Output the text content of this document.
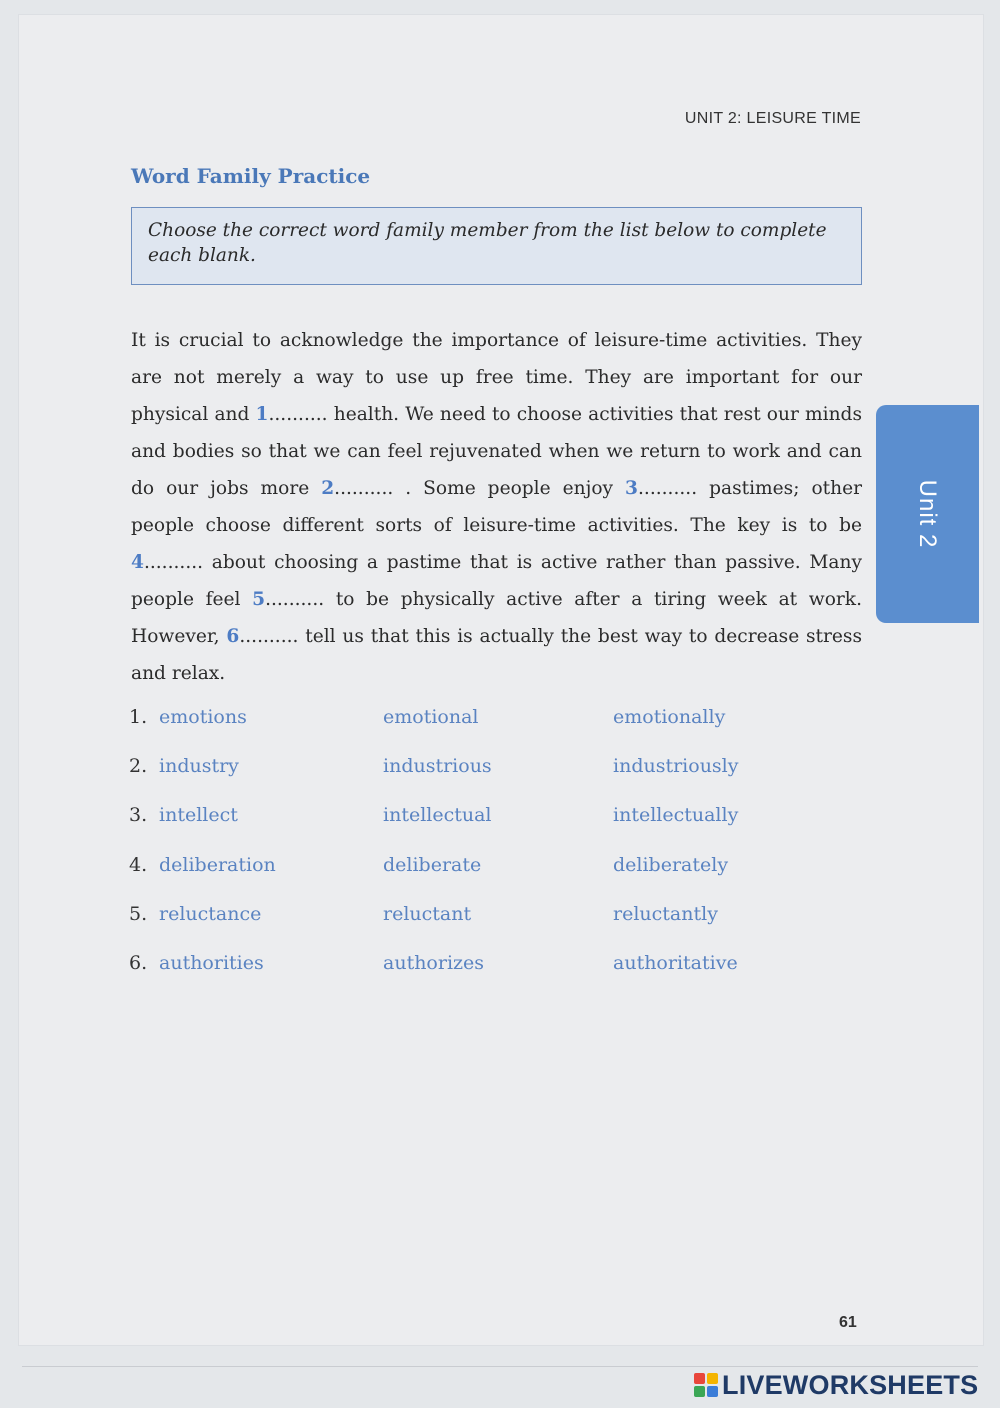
UNIT 2: LEISURE TIME
Word Family Practice

Choose the correct word family member from the list below to complete each blank.

It is crucial to acknowledge the importance of leisure-time activities. They are not merely a way to use up free time. They are important for our physical and 1.......... health. We need to choose activities that rest our minds and bodies so that we can feel rejuvenated when we return to work and can do our jobs more 2.......... . Some people enjoy 3.......... pastimes; other people choose different sorts of leisure-time activities. The key is to be 4.......... about choosing a pastime that is active rather than passive. Many people feel 5.......... to be physically active after a tiring week at work. However, 6.......... tell us that this is actually the best way to decrease stress and relax.

Unit 2
1. emotions	emotional	emotionally
2. industry	industrious	industriously
3. intellect	intellectual	intellectually
4. deliberation	deliberate	deliberately
5. reluctance	reluctant	reluctantly
6. authorities	authorizes	authoritative
61
LIVEWORKSHEETS
